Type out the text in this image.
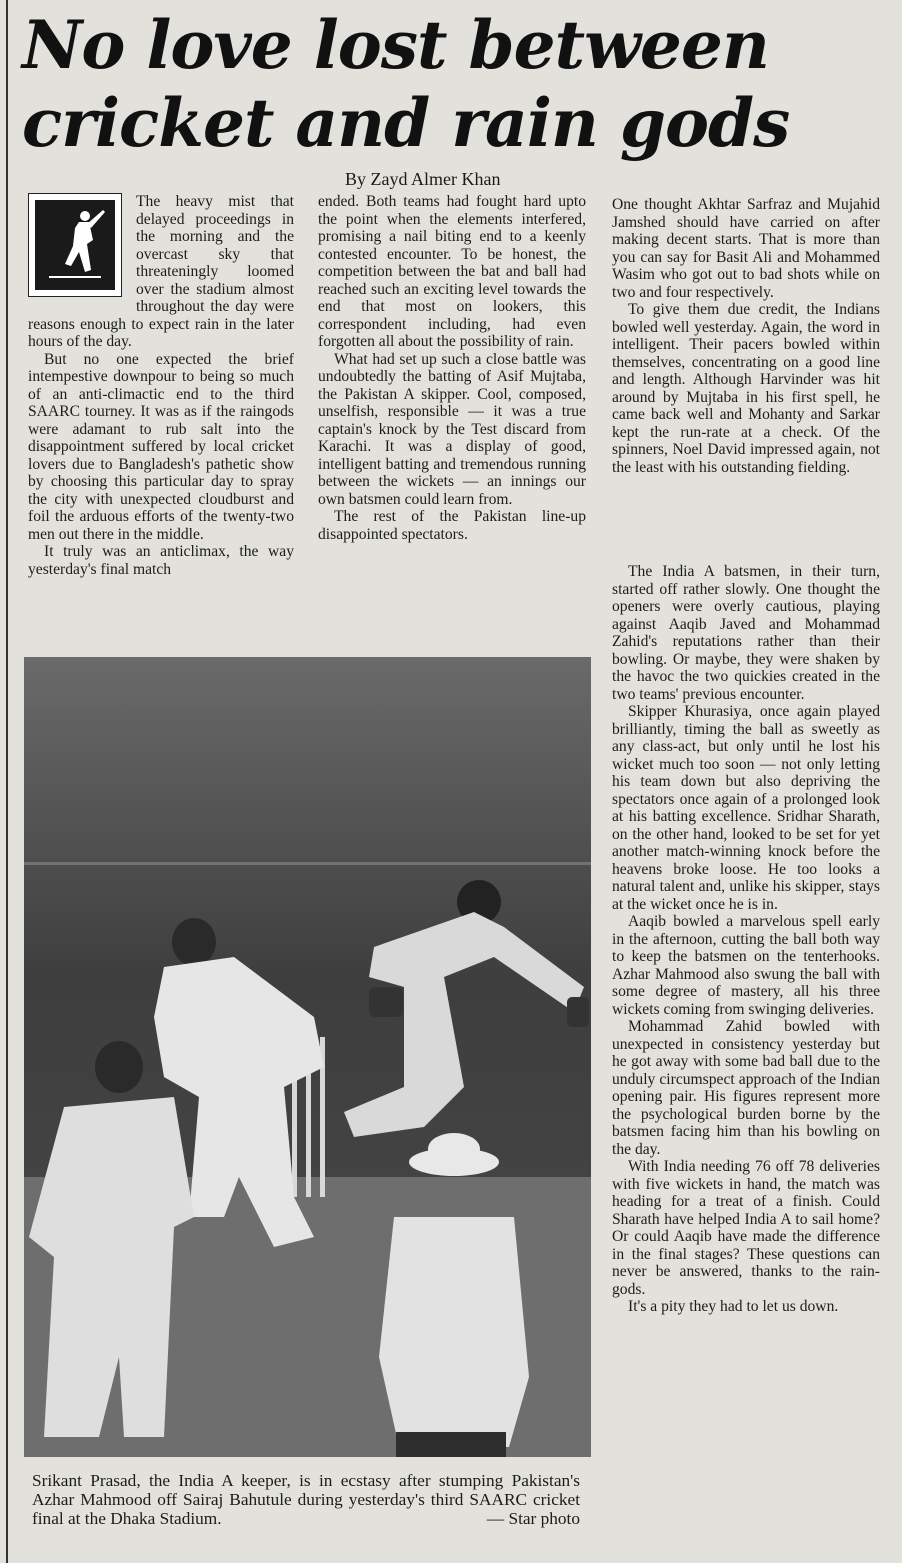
No love lost between cricket and rain gods
By Zayd Almer Khan

The heavy mist that delayed proceedings in the morning and the overcast sky that threateningly loomed over the stadium almost throughout the day were reasons enough to expect rain in the later hours of the day.

But no one expected the brief intempestive downpour to being so much of an anti-climactic end to the third SAARC tourney. It was as if the raingods were adamant to rub salt into the disappointment suffered by local cricket lovers due to Bangladesh's pathetic show by choosing this particular day to spray the city with unexpected cloudburst and foil the arduous efforts of the twenty-two men out there in the middle.

It truly was an anticlimax, the way yesterday's final match

ended. Both teams had fought hard upto the point when the elements interfered, promising a nail biting end to a keenly contested encounter. To be honest, the competition between the bat and ball had reached such an exciting level towards the end that most on lookers, this correspondent including, had even forgotten all about the possibility of rain.

What had set up such a close battle was undoubtedly the batting of Asif Mujtaba, the Pakistan A skipper. Cool, composed, unselfish, responsible — it was a true captain's knock by the Test discard from Karachi. It was a display of good, intelligent batting and tremendous running between the wickets — an innings our own batsmen could learn from.

The rest of the Pakistan line-up disappointed spectators.

One thought Akhtar Sarfraz and Mujahid Jamshed should have carried on after making decent starts. That is more than you can say for Basit Ali and Mohammed Wasim who got out to bad shots while on two and four respectively.

To give them due credit, the Indians bowled well yesterday. Again, the word in intelligent. Their pacers bowled within themselves, concentrating on a good line and length. Although Harvinder was hit around by Mujtaba in his first spell, he came back well and Mohanty and Sarkar kept the run-rate at a check. Of the spinners, Noel David impressed again, not the least with his outstanding fielding.

The India A batsmen, in their turn, started off rather slowly. One thought the openers were overly cautious, playing against Aaqib Javed and Mohammad Zahid's reputations rather than their bowling. Or maybe, they were shaken by the havoc the two quickies created in the two teams' previous encounter.

Skipper Khurasiya, once again played brilliantly, timing the ball as sweetly as any class-act, but only until he lost his wicket much too soon — not only letting his team down but also depriving the spectators once again of a prolonged look at his batting excellence. Sridhar Sharath, on the other hand, looked to be set for yet another match-winning knock before the heavens broke loose. He too looks a natural talent and, unlike his skipper, stays at the wicket once he is in.

Aaqib bowled a marvelous spell early in the afternoon, cutting the ball both way to keep the batsmen on the tenterhooks. Azhar Mahmood also swung the ball with some degree of mastery, all his three wickets coming from swinging deliveries.

Mohammad Zahid bowled with unexpected in consistency yesterday but he got away with some bad ball due to the unduly circumspect approach of the Indian opening pair. His figures represent more the psychological burden borne by the batsmen facing him than his bowling on the day.

With India needing 76 off 78 deliveries with five wickets in hand, the match was heading for a treat of a finish. Could Sharath have helped India A to sail home? Or could Aaqib have made the difference in the final stages? These questions can never be answered, thanks to the rain-gods.

It's a pity they had to let us down.

Srikant Prasad, the India A keeper, is in ecstasy after stumping Pakistan's Azhar Mahmood off Sairaj Bahutule during yesterday's third SAARC cricket final at the Dhaka Stadium.	— Star photo
